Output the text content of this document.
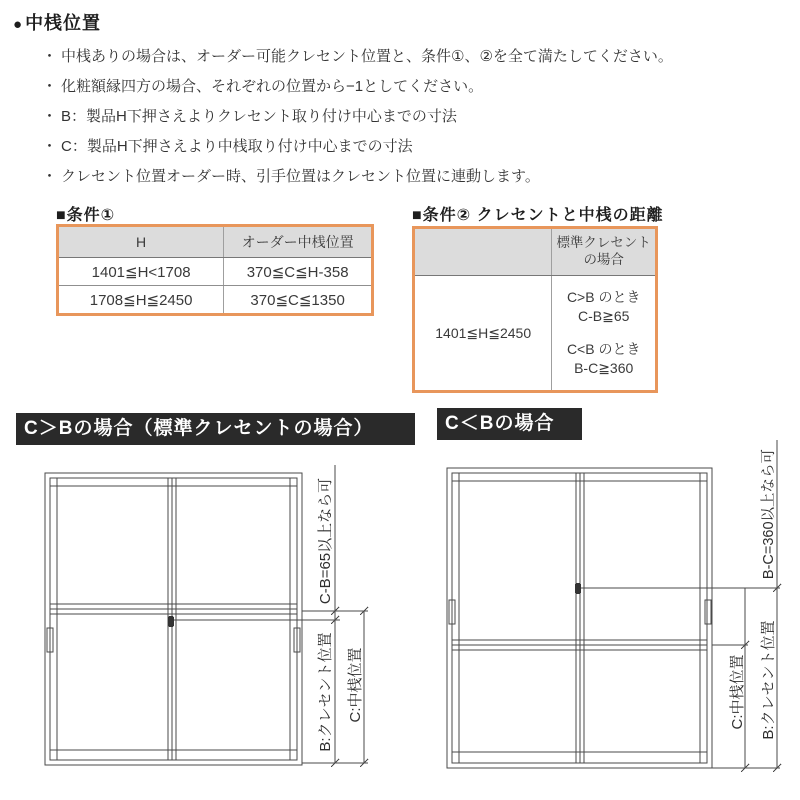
● 中桟位置
・ 中桟ありの場合は、オーダー可能クレセント位置と、条件①、②を全て満たしてください。
・ 化粧額縁四方の場合、それぞれの位置から−1としてください。
・ B：製品H下押さえよりクレセント取り付け中心までの寸法
・ C：製品H下押さえより中桟取り付け中心までの寸法
・ クレセント位置オーダー時、引手位置はクレセント位置に連動します。
■条件①
H	オーダー中桟位置
1401≦H<1708	370≦C≦H-358
1708≦H≦2450	370≦C≦1350
■条件② クレセントと中桟の距離
	標準クレセントの場合
1401≦H≦2450	C>B のとき
C-B≧65
C<B のとき
B-C≧360
C＞Bの場合（標準クレセントの場合）	C＜Bの場合
C-B=65以上なら可
B:クレセント位置 C:中桟位置
B-C=360以上なら可
C:中桟位置 B:クレセント位置
